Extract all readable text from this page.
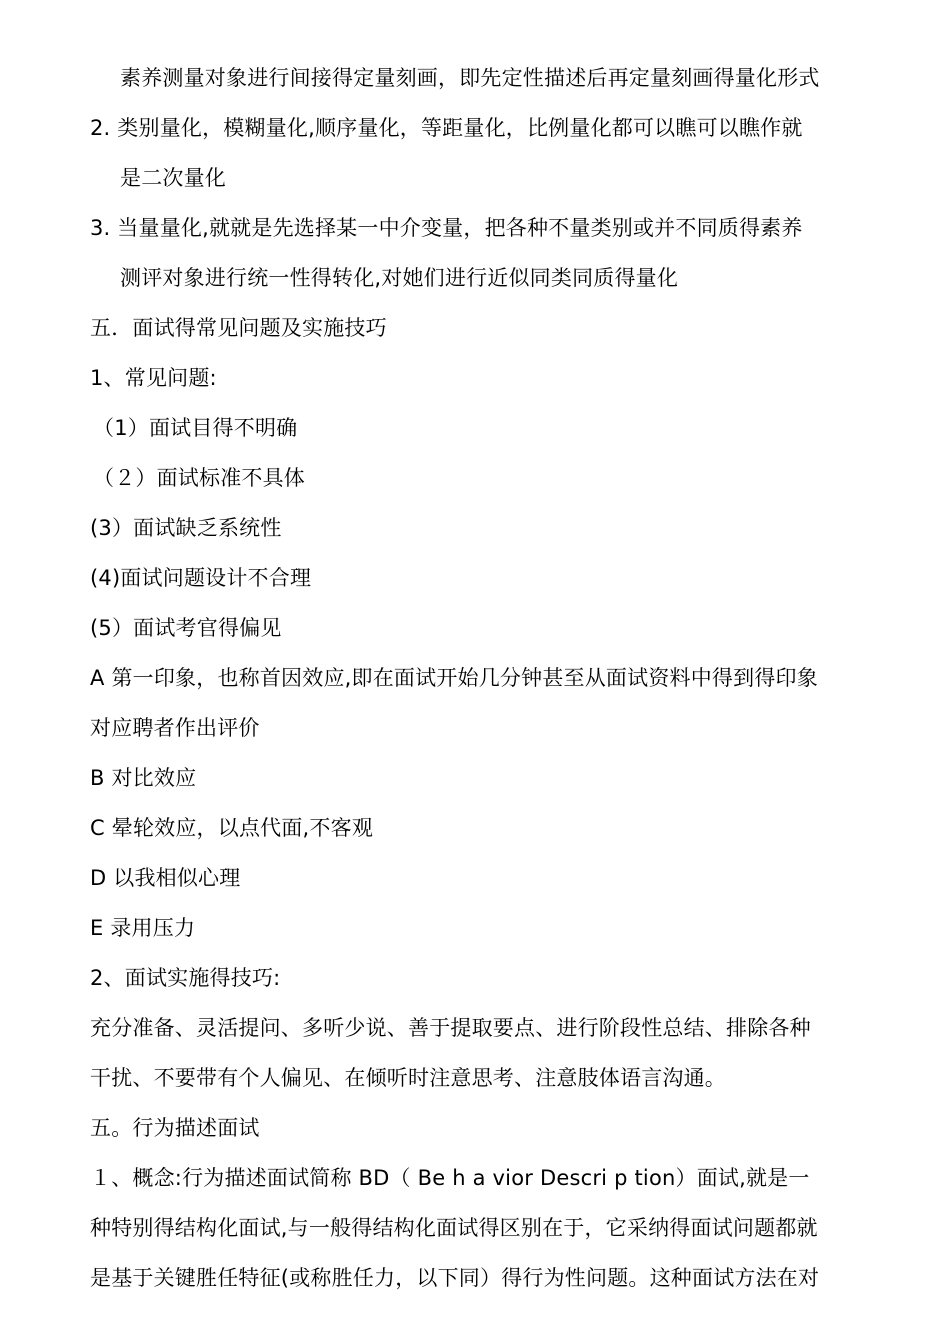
素养测量对象进行间接得定量刻画，即先定性描述后再定量刻画得量化形式
2. 类别量化，模糊量化,顺序量化，等距量化，比例量化都可以瞧可以瞧作就
是二次量化
3. 当量量化,就就是先选择某一中介变量，把各种不量类别或并不同质得素养
测评对象进行统一性得转化,对她们进行近似同类同质得量化
五．面试得常见问题及实施技巧
1、常见问题:
（1）面试目得不明确
（２）面试标准不具体
(3）面试缺乏系统性
(4)面试问题设计不合理
(5）面试考官得偏见
A 第一印象，也称首因效应,即在面试开始几分钟甚至从面试资料中得到得印象
对应聘者作出评价
B 对比效应
C 晕轮效应，以点代面,不客观
D 以我相似心理
E 录用压力
2、面试实施得技巧:
充分准备、灵活提问、多听少说、善于提取要点、进行阶段性总结、排除各种
干扰、不要带有个人偏见、在倾听时注意思考、注意肢体语言沟通。
五。行为描述面试
１、概念:行为描述面试简称 BD（ Be h a vior Descri p tion）面试,就是一
种特别得结构化面试,与一般得结构化面试得区别在于，它采纳得面试问题都就
是基于关键胜任特征(或称胜任力，以下同）得行为性问题。这种面试方法在对
